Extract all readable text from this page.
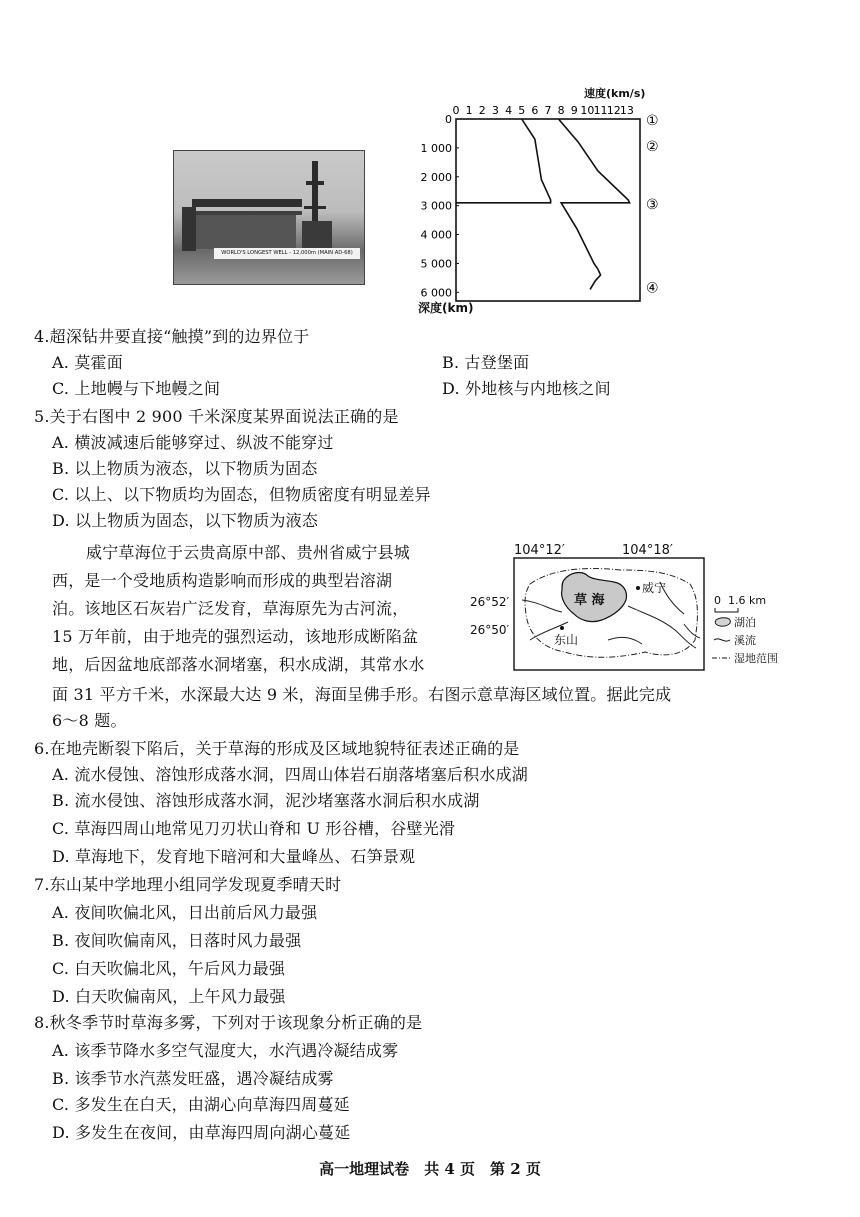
WORLD'S LONGEST WELL - 12,000m (MAIN AD-68)
速度(km/s)
0 1 2 3 4 5 6 7 8 9 10 11 12 13
0
1 000
2 000
3 000
4 000
5 000
6 000
①
②
③
④
深度(km)
4.超深钻井要直接“触摸”到的边界位于
A. 莫霍面	B. 古登堡面
C. 上地幔与下地幔之间	D. 外地核与内地核之间
5.关于右图中 2 900 千米深度某界面说法正确的是
A. 横波减速后能够穿过、纵波不能穿过
B. 以上物质为液态，以下物质为固态
C. 以上、以下物质均为固态，但物质密度有明显差异
D. 以上物质为固态，以下物质为液态
威宁草海位于云贵高原中部、贵州省威宁县城
西，是一个受地质构造影响而形成的典型岩溶湖
泊。该地区石灰岩广泛发育，草海原先为古河流，
15 万年前，由于地壳的强烈运动，该地形成断陷盆
地，后因盆地底部落水洞堵塞，积水成湖，其常水水
面 31 平方千米，水深最大达 9 米，海面呈佛手形。右图示意草海区域位置。据此完成
6～8 题。
104°12′	104°18′
26°52′
26°50′
草 海
威宁
东山
0 1.6 km
湖泊
溪流
湿地范围
6.在地壳断裂下陷后，关于草海的形成及区域地貌特征表述正确的是
A. 流水侵蚀、溶蚀形成落水洞，四周山体岩石崩落堵塞后积水成湖
B. 流水侵蚀、溶蚀形成落水洞，泥沙堵塞落水洞后积水成湖
C. 草海四周山地常见刀刃状山脊和 U 形谷槽，谷壁光滑
D. 草海地下，发育地下暗河和大量峰丛、石笋景观
7.东山某中学地理小组同学发现夏季晴天时
A. 夜间吹偏北风，日出前后风力最强
B. 夜间吹偏南风，日落时风力最强
C. 白天吹偏北风，午后风力最强
D. 白天吹偏南风，上午风力最强
8.秋冬季节时草海多雾，下列对于该现象分析正确的是
A. 该季节降水多空气湿度大，水汽遇冷凝结成雾
B. 该季节水汽蒸发旺盛，遇冷凝结成雾
C. 多发生在白天，由湖心向草海四周蔓延
D. 多发生在夜间，由草海四周向湖心蔓延
高一地理试卷　共 4 页　第 2 页
